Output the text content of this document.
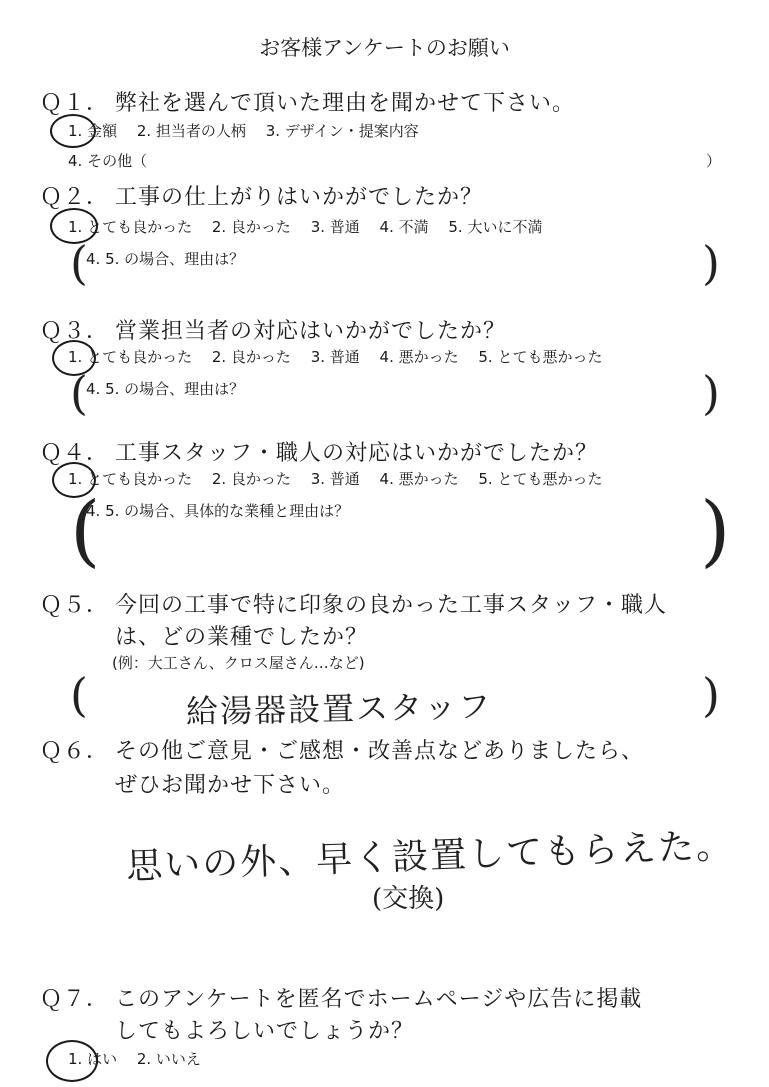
お客様アンケートのお願い
Ｑ１． 弊社を選んで頂いた理由を聞かせて下さい。
1. 金額　 2. 担当者の人柄　 3. デザイン・提案内容
4. その他（	）
Ｑ２． 工事の仕上がりはいかがでしたか？
1. とても良かった　 2. 良かった　 3. 普通　 4. 不満　 5. 大いに不満
(
4. 5. の場合、理由は？	)
Ｑ３． 営業担当者の対応はいかがでしたか？
1. とても良かった　 2. 良かった　 3. 普通　 4. 悪かった　 5. とても悪かった
(
4. 5. の場合、理由は？	)
Ｑ４． 工事スタッフ・職人の対応はいかがでしたか？
1. とても良かった　 2. 良かった　 3. 普通　 4. 悪かった　 5. とても悪かった
(
4. 5. の場合、具体的な業種と理由は？	)
Ｑ５． 今回の工事で特に印象の良かった工事スタッフ・職人
は、どの業種でしたか？
(例：大工さん、クロス屋さん…など)
(	給湯器設置スタッフ	)
Ｑ６． その他ご意見・ご感想・改善点などありましたら、
ぜひお聞かせ下さい。
思いの外、早く設置してもらえた。
(交換)
Ｑ７． このアンケートを匿名でホームページや広告に掲載
してもよろしいでしょうか？
1. はい　 2. いいえ
